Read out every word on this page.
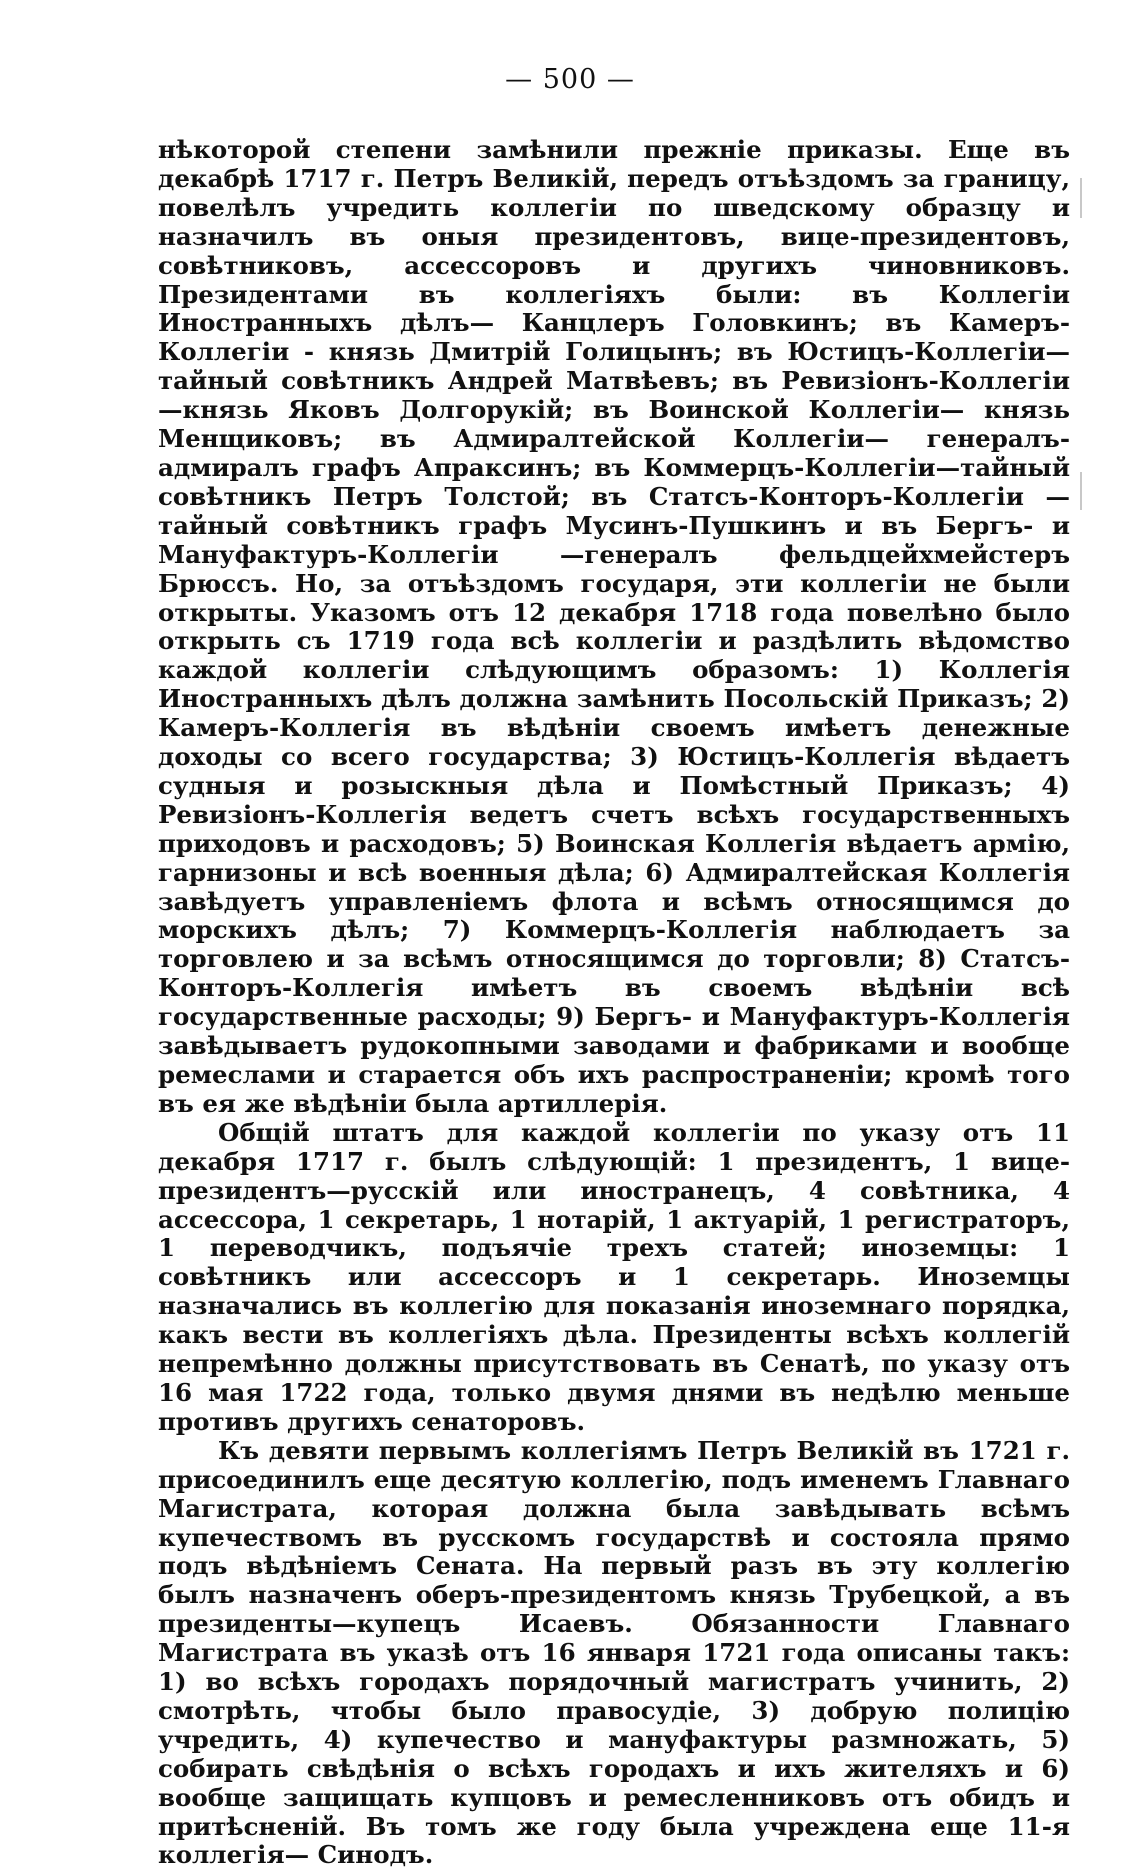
— 500 —

нѣкоторой степени замѣнили прежніе приказы. Еще въ декабрѣ 1717 г. Петръ Великій, передъ отъѣздомъ за границу, повелѣлъ учредить коллегіи по шведскому образцу и назначилъ въ оныя президентовъ, вице-президентовъ, совѣтниковъ, ассессоровъ и другихъ чиновниковъ. Президентами въ коллегіяхъ были: въ Коллегіи Иностранныхъ дѣлъ— Канцлеръ Головкинъ; въ Камеръ-Коллегіи - князь Дмитрій Голицынъ; въ Юстицъ-Коллегіи—тайный совѣтникъ Андрей Матвѣевъ; въ Ревизіонъ-Коллегіи—князь Яковъ Долгорукій; въ Воинской Коллегіи— князь Менщиковъ; въ Адмиралтейской Коллегіи— генералъ-адмиралъ графъ Апраксинъ; въ Коммерцъ-Коллегіи—тайный совѣтникъ Петръ Толстой; въ Статсъ-Конторъ-Коллегіи — тайный совѣтникъ графъ Мусинъ-Пушкинъ и въ Бергъ- и Мануфактуръ-Коллегіи —генералъ фельдцейхмейстеръ Брюссъ. Но, за отъѣздомъ государя, эти коллегіи не были открыты. Указомъ отъ 12 декабря 1718 года повелѣно было открыть съ 1719 года всѣ коллегіи и раздѣлить вѣдомство каждой коллегіи слѣдующимъ образомъ: 1) Коллегія Иностранныхъ дѣлъ должна замѣнить Посольскій Приказъ; 2) Камеръ-Коллегія въ вѣдѣніи своемъ имѣетъ денежные доходы со всего государства; 3) Юстицъ-Коллегія вѣдаетъ судныя и розыскныя дѣла и Помѣстный Приказъ; 4) Ревизіонъ-Коллегія ведетъ счетъ всѣхъ государственныхъ приходовъ и расходовъ; 5) Воинская Коллегія вѣдаетъ армію, гарнизоны и всѣ военныя дѣла; 6) Адмиралтейская Коллегія завѣдуетъ управленіемъ флота и всѣмъ относящимся до морскихъ дѣлъ; 7) Коммерцъ-Коллегія наблюдаетъ за торговлею и за всѣмъ относящимся до торговли; 8) Статсъ-Конторъ-Коллегія имѣетъ въ своемъ вѣдѣніи всѣ государственные расходы; 9) Бергъ- и Мануфактуръ-Коллегія завѣдываетъ рудокопными заводами и фабриками и вообще ремеслами и старается объ ихъ распространеніи; кромѣ того въ ея же вѣдѣніи была артиллерія.

Общій штатъ для каждой коллегіи по указу отъ 11 декабря 1717 г. былъ слѣдующій: 1 президентъ, 1 вице-президентъ—русскій или иностранецъ, 4 совѣтника, 4 ассессора, 1 секретарь, 1 нотарій, 1 актуарій, 1 регистраторъ, 1 переводчикъ, подъячіе трехъ статей; иноземцы: 1 совѣтникъ или ассессоръ и 1 секретарь. Иноземцы назначались въ коллегію для показанія иноземнаго порядка, какъ вести въ коллегіяхъ дѣла. Президенты всѣхъ коллегій непремѣнно должны присутствовать въ Сенатѣ, по указу отъ 16 мая 1722 года, только двумя днями въ недѣлю меньше противъ другихъ сенаторовъ.

Къ девяти первымъ коллегіямъ Петръ Великій въ 1721 г. присоединилъ еще десятую коллегію, подъ именемъ Главнаго Магистрата, которая должна была завѣдывать всѣмъ купечествомъ въ русскомъ государствѣ и состояла прямо подъ вѣдѣніемъ Сената. На первый разъ въ эту коллегію былъ назначенъ оберъ-президентомъ князь Трубецкой, а въ президенты—купецъ Исаевъ. Обязанности Главнаго Магистрата въ указѣ отъ 16 января 1721 года описаны такъ: 1) во всѣхъ городахъ порядочный магистратъ учинить, 2) смотрѣть, чтобы было правосудіе, 3) добрую полицію учредить, 4) купечество и мануфактуры размножать, 5) собирать свѣдѣнія о всѣхъ городахъ и ихъ жителяхъ и 6) вообще защищать купцовъ и ремесленниковъ отъ обидъ и притѣсненій. Въ томъ же году была учреждена еще 11-я коллегія— Синодъ.
